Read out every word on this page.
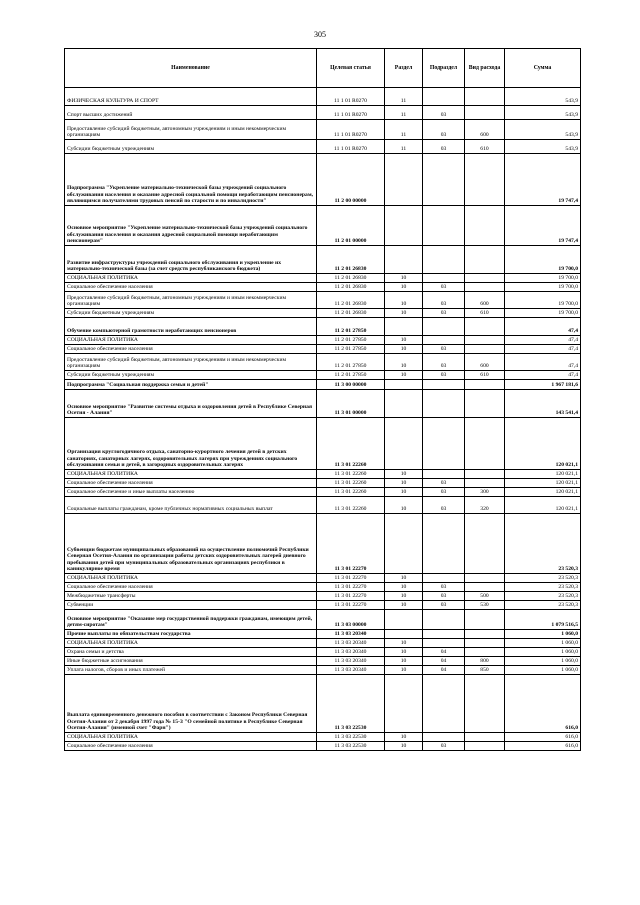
305
Наименование	Целевая статья	Раздел	Подраздел	Вид расхода	Сумма
ФИЗИЧЕСКАЯ КУЛЬТУРА И СПОРТ	11 1 01 R0270	11			543,9
Спорт высших достижений	11 1 01 R0270	11	03		543,9
Предоставление субсидий бюджетным, автономным учреждениям и иным некоммерческим организациям	11 1 01 R0270	11	03	600	543,9
Субсидии бюджетным учреждениям	11 1 01 R0270	11	03	610	543,9
Подпрограмма "Укрепление материально-технической базы учреждений социального обслуживания населения и оказание адресной социальной помощи неработающим пенсионерам, являющимся получателями трудовых пенсий по старости и по инвалидности"	11 2 00 00000				19 747,4
Основное мероприятие "Укрепление материально-технической базы учреждений социального обслуживания населения и оказания адресной социальной помощи неработающим пенсионерам"	11 2 01 00000				19 747,4
Развитие инфраструктуры учреждений социального обслуживания и укрепление их материально-технической базы (за счет средств республиканского бюджета)	11 2 01 26830				19 700,0
СОЦИАЛЬНАЯ ПОЛИТИКА	11 2 01 26830	10			19 700,0
Социальное обеспечение населения	11 2 01 26830	10	03		19 700,0
Предоставление субсидий бюджетным, автономным учреждениям и иным некоммерческим организациям	11 2 01 26830	10	03	600	19 700,0
Субсидии бюджетным учреждениям	11 2 01 26830	10	03	610	19 700,0
Обучение компьютерной грамотности неработающих пенсионеров	11 2 01 27850				47,4
СОЦИАЛЬНАЯ ПОЛИТИКА	11 2 01 27850	10			47,4
Социальное обеспечение населения	11 2 01 27850	10	03		47,4
Предоставление субсидий бюджетным, автономным учреждениям и иным некоммерческим организациям	11 2 01 27850	10	03	600	47,4
Субсидии бюджетным учреждениям	11 2 01 27850	10	03	610	47,4
Подпрограмма "Социальная поддержка семьи и детей"	11 3 00 00000				1 967 181,6
Основное мероприятие "Развитие системы отдыха и оздоровления детей в Республике Северная Осетия - Алания"	11 3 01 00000				143 541,4
Организация круглогодичного отдыха, санаторно-курортного лечения детей в детских санаториях, санаторных лагерях, оздоровительных лагерях при учреждениях социального обслуживания семьи и детей, в загородных оздоровительных лагерях	11 3 01 22260				120 021,1
СОЦИАЛЬНАЯ ПОЛИТИКА	11 3 01 22260	10			120 021,1
Социальное обеспечение населения	11 3 01 22260	10	03		120 021,1
Социальное обеспечение и иные выплаты населению	11 3 01 22260	10	03	300	120 021,1
Социальные выплаты гражданам, кроме публичных нормативных социальных выплат	11 3 01 22260	10	03	320	120 021,1
Субвенции бюджетам муниципальных образований на осуществление полномочий Республики Северная Осетия-Алания по организации работы детских оздоровительных лагерей дневного пребывания детей при муниципальных образовательных организациях республики в каникулярное время	11 3 01 22270				23 520,3
СОЦИАЛЬНАЯ ПОЛИТИКА	11 3 01 22270	10			23 520,3
Социальное обеспечение населения	11 3 01 22270	10	03		23 520,3
Межбюджетные трансферты	11 3 01 22270	10	03	500	23 520,3
Субвенции	11 3 01 22270	10	03	530	23 520,3
Основное мероприятие "Оказание мер государственной поддержки гражданам, имеющим детей, детям-сиротам"	11 3 03 00000				1 079 516,5
Прочие выплаты по обязательствам государства	11 3 03 20340				1 060,0
СОЦИАЛЬНАЯ ПОЛИТИКА	11 3 03 20340	10			1 060,0
Охрана семьи и детства	11 3 03 20340	10	04		1 060,0
Иные бюджетные ассигнования	11 3 03 20340	10	04	800	1 060,0
Уплата налогов, сборов и иных платежей	11 3 03 20340	10	04	850	1 060,0
Выплата единовременного денежного пособия в соответствии с Законом Республики Северная Осетия-Алания от 2 декабря 1997 года № 15-З "О семейной политике в Республике Северная Осетия-Алания" (именной счет "Фарн")	11 3 03 22530				616,0
СОЦИАЛЬНАЯ ПОЛИТИКА	11 3 03 22530	10			616,0
Социальное обеспечение населения	11 3 03 22530	10	03		616,0
